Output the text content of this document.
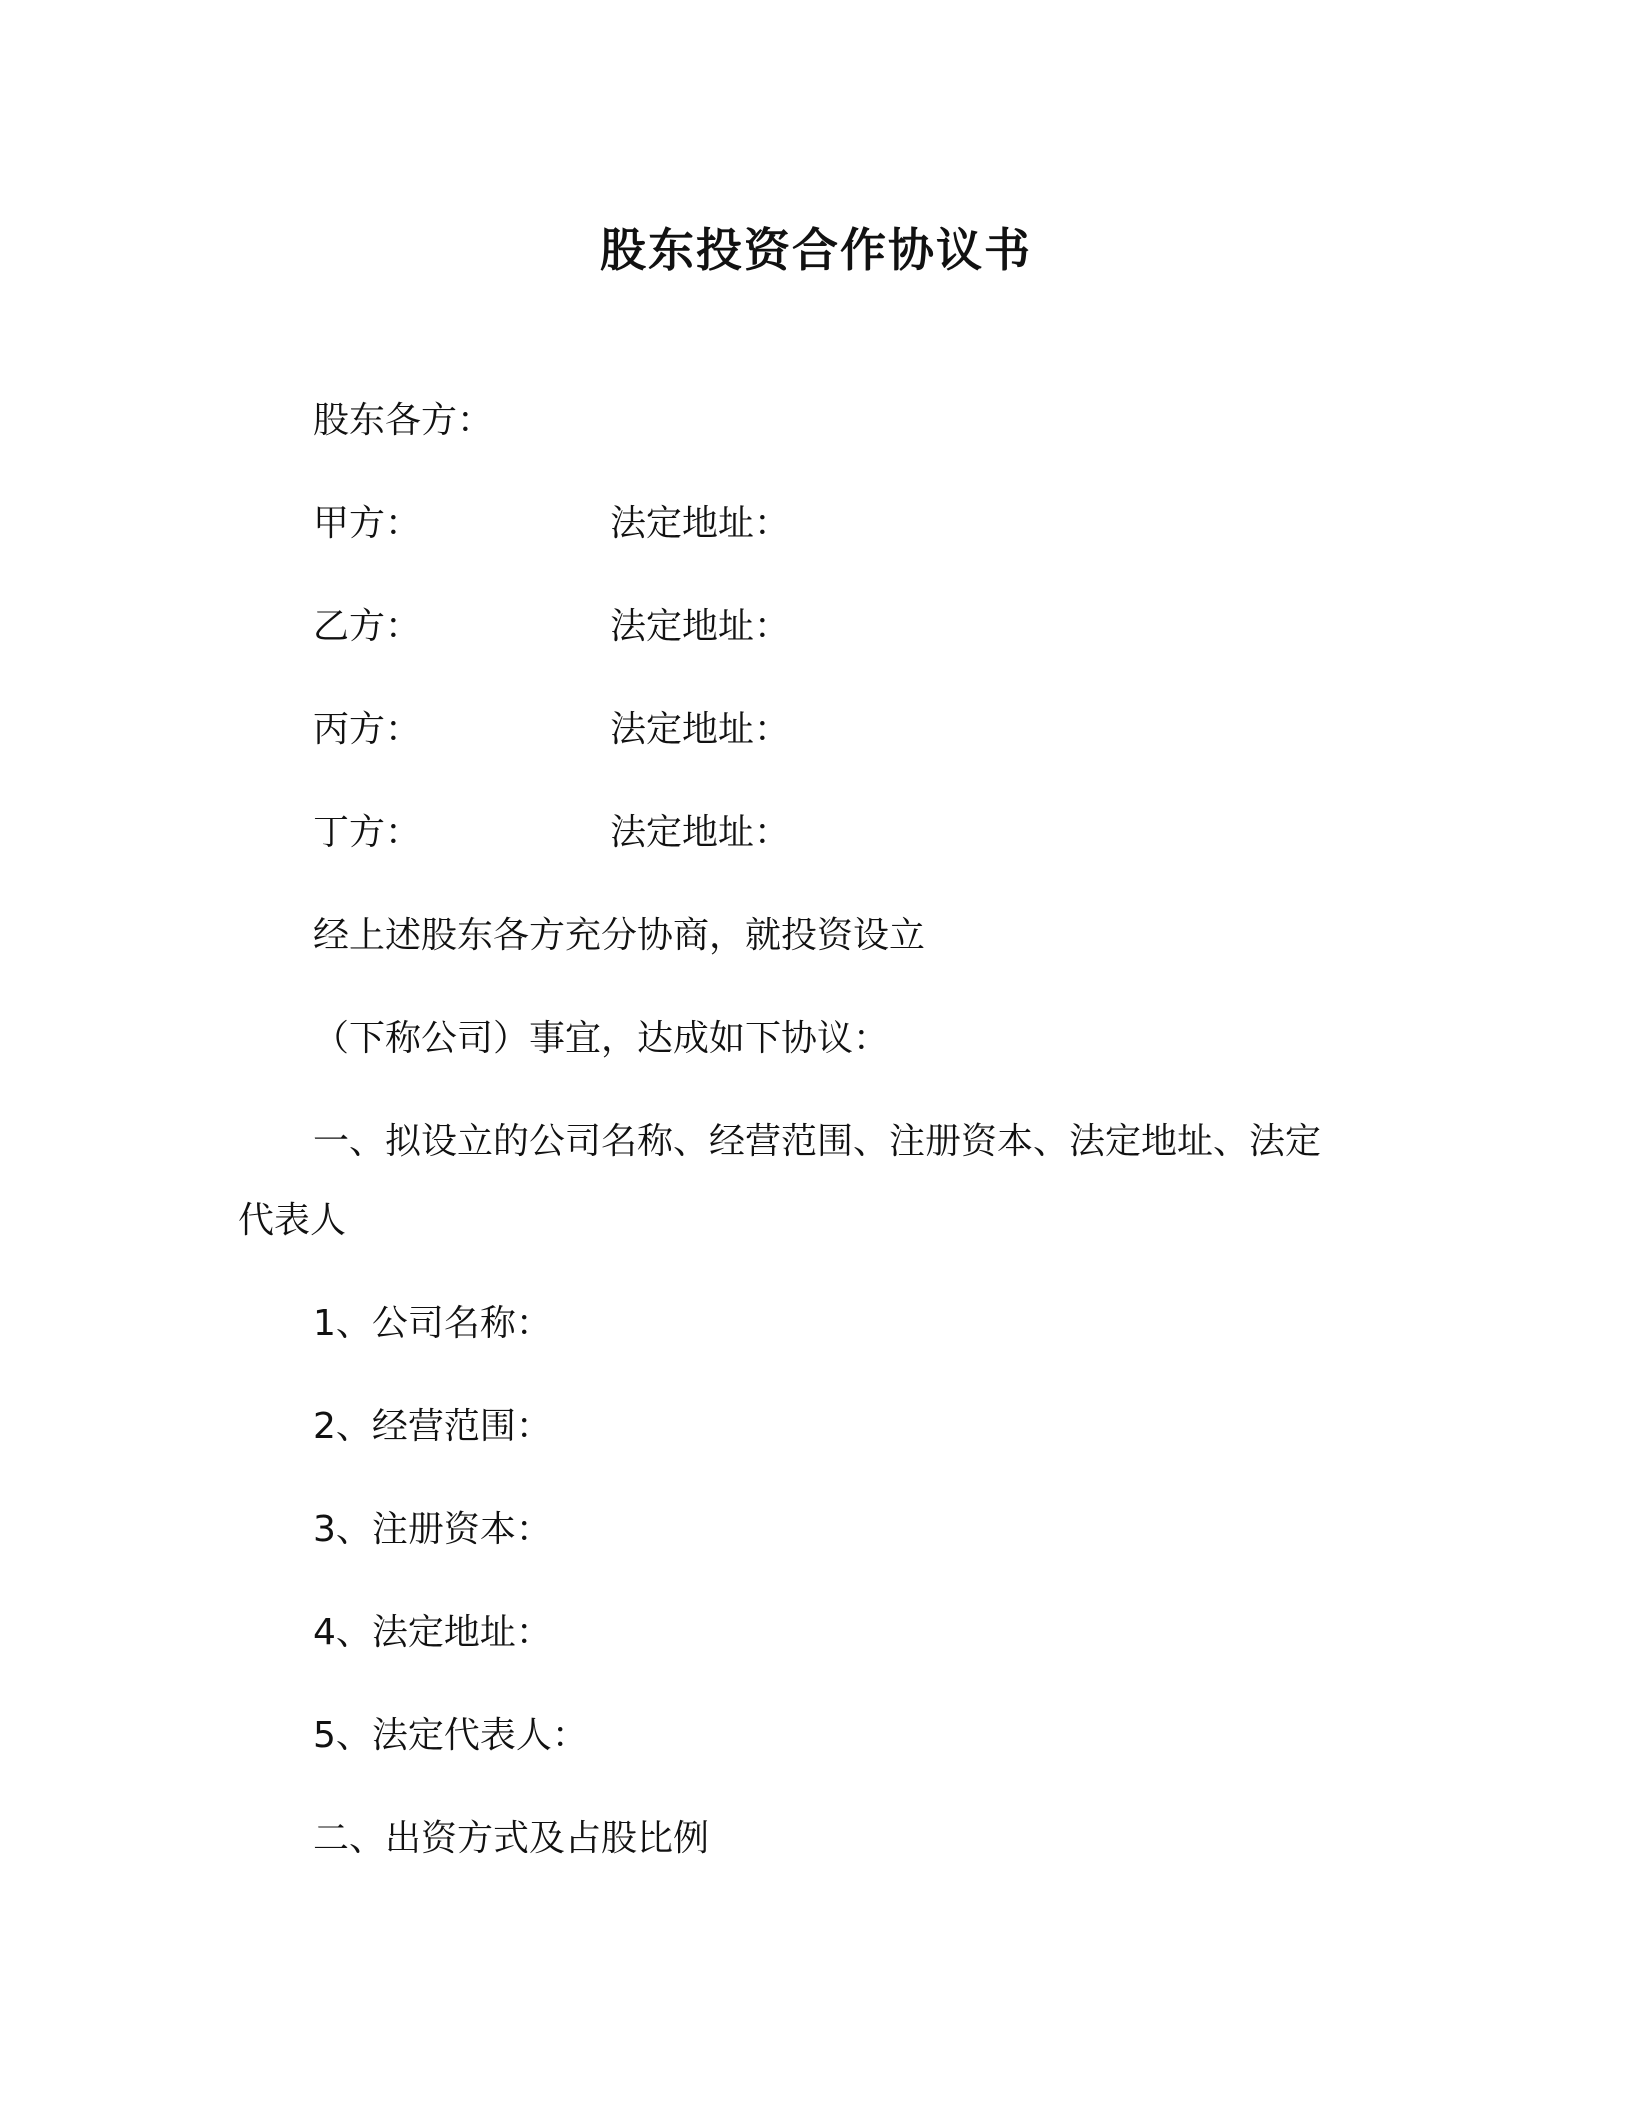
股东投资合作协议书
股东各方：
甲方：	法定地址：
乙方：	法定地址：
丙方：	法定地址：
丁方：	法定地址：
经上述股东各方充分协商，就投资设立
（下称公司）事宜，达成如下协议：
一、拟设立的公司名称、经营范围、注册资本、法定地址、法定
代表人
1、公司名称：
2、经营范围：
3、注册资本：
4、法定地址：
5、法定代表人：
二、出资方式及占股比例
